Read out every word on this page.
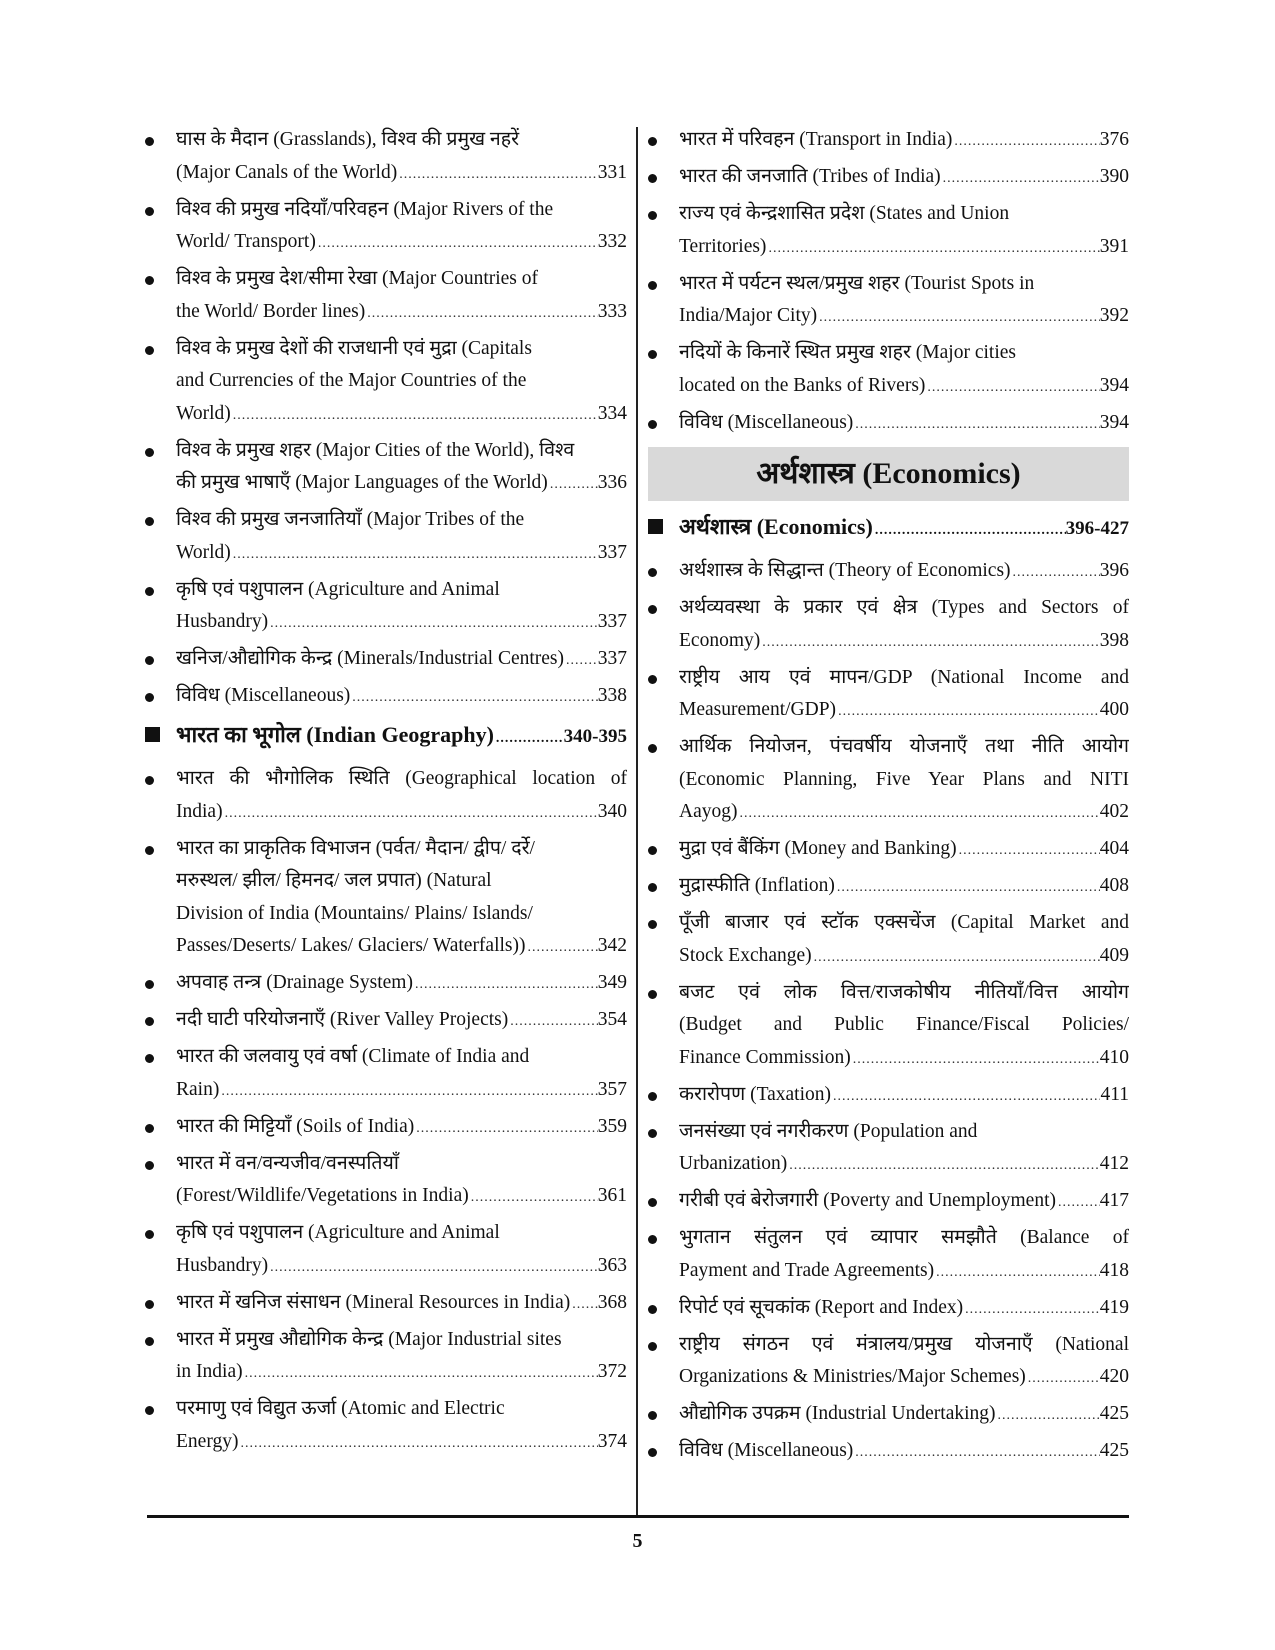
घास के मैदान (Grasslands), विश्व की प्रमुख नहरें
(Major Canals of the World) .....	331
विश्व की प्रमुख नदियाँ/परिवहन (Major Rivers of the
World/ Transport) .....	332
विश्व के प्रमुख देश/सीमा रेखा (Major Countries of
the World/ Border lines) .....	333
विश्व के प्रमुख देशों की राजधानी एवं मुद्रा (Capitals
and Currencies of the Major Countries of the
World) .....	334
विश्व के प्रमुख शहर (Major Cities of the World), विश्व
की प्रमुख भाषाएँ (Major Languages of the World) .....	336
विश्व की प्रमुख जनजातियाँ (Major Tribes of the
World) .....	337
कृषि एवं पशुपालन (Agriculture and Animal
Husbandry) .....	337
खनिज/औद्योगिक केन्द्र (Minerals/Industrial Centres) ..... 337
विविध (Miscellaneous) .....	338
भारत का भूगोल (Indian Geography) .....	340-395
भारत की भौगोलिक स्थिति (Geographical location of
India) .....	340
भारत का प्राकृतिक विभाजन (पर्वत/ मैदान/ द्वीप/ दर्रे/
मरुस्थल/ झील/ हिमनद/ जल प्रपात) (Natural
Division of India (Mountains/ Plains/ Islands/
Passes/Deserts/ Lakes/ Glaciers/ Waterfalls)) .....	342
अपवाह तन्त्र (Drainage System) .....	349
नदी घाटी परियोजनाएँ (River Valley Projects) .....	354
भारत की जलवायु एवं वर्षा (Climate of India and
Rain) .....	357
भारत की मिट्टियाँ (Soils of India) .....	359
भारत में वन/वन्यजीव/वनस्पतियाँ
(Forest/Wildlife/Vegetations in India) .....	361
कृषि एवं पशुपालन (Agriculture and Animal
Husbandry) .....	363
भारत में खनिज संसाधन (Mineral Resources in India) ..... 368
भारत में प्रमुख औद्योगिक केन्द्र (Major Industrial sites
in India) .....	372
परमाणु एवं विद्युत ऊर्जा (Atomic and Electric
Energy) .....	374
भारत में परिवहन (Transport in India) .....	376
भारत की जनजाति (Tribes of India) .....	390
राज्य एवं केन्द्रशासित प्रदेश (States and Union
Territories) .....	391
भारत में पर्यटन स्थल/प्रमुख शहर (Tourist Spots in
India/Major City) .....	392
नदियों के किनारें स्थित प्रमुख शहर (Major cities
located on the Banks of Rivers) .....	394
विविध (Miscellaneous) .....	394
अर्थशास्त्र (Economics)
अर्थशास्त्र (Economics) .....	396-427
अर्थशास्त्र के सिद्धान्त (Theory of Economics) .....	396
अर्थव्यवस्था के प्रकार एवं क्षेत्र (Types and Sectors of
Economy) .....	398
राष्ट्रीय आय एवं मापन/GDP (National Income and
Measurement/GDP) .....	400
आर्थिक नियोजन, पंचवर्षीय योजनाएँ तथा नीति आयोग
(Economic Planning, Five Year Plans and NITI
Aayog) .....	402
मुद्रा एवं बैंकिंग (Money and Banking) .....	404
मुद्रास्फीति (Inflation) .....	408
पूँजी बाजार एवं स्टॉक एक्सचेंज (Capital Market and
Stock Exchange) .....	409
बजट एवं लोक वित्त/राजकोषीय नीतियाँ/वित्त आयोग
(Budget and Public Finance/Fiscal Policies/
Finance Commission) .....	410
करारोपण (Taxation) .....	411
जनसंख्या एवं नगरीकरण (Population and
Urbanization) .....	412
गरीबी एवं बेरोजगारी (Poverty and Unemployment) ..... 417
भुगतान संतुलन एवं व्यापार समझौते (Balance of
Payment and Trade Agreements) .....	418
रिपोर्ट एवं सूचकांक (Report and Index) .....	419
राष्ट्रीय संगठन एवं मंत्रालय/प्रमुख योजनाएँ (National
Organizations & Ministries/Major Schemes) .....	420
औद्योगिक उपक्रम (Industrial Undertaking) .....	425
विविध (Miscellaneous) .....	425
5
